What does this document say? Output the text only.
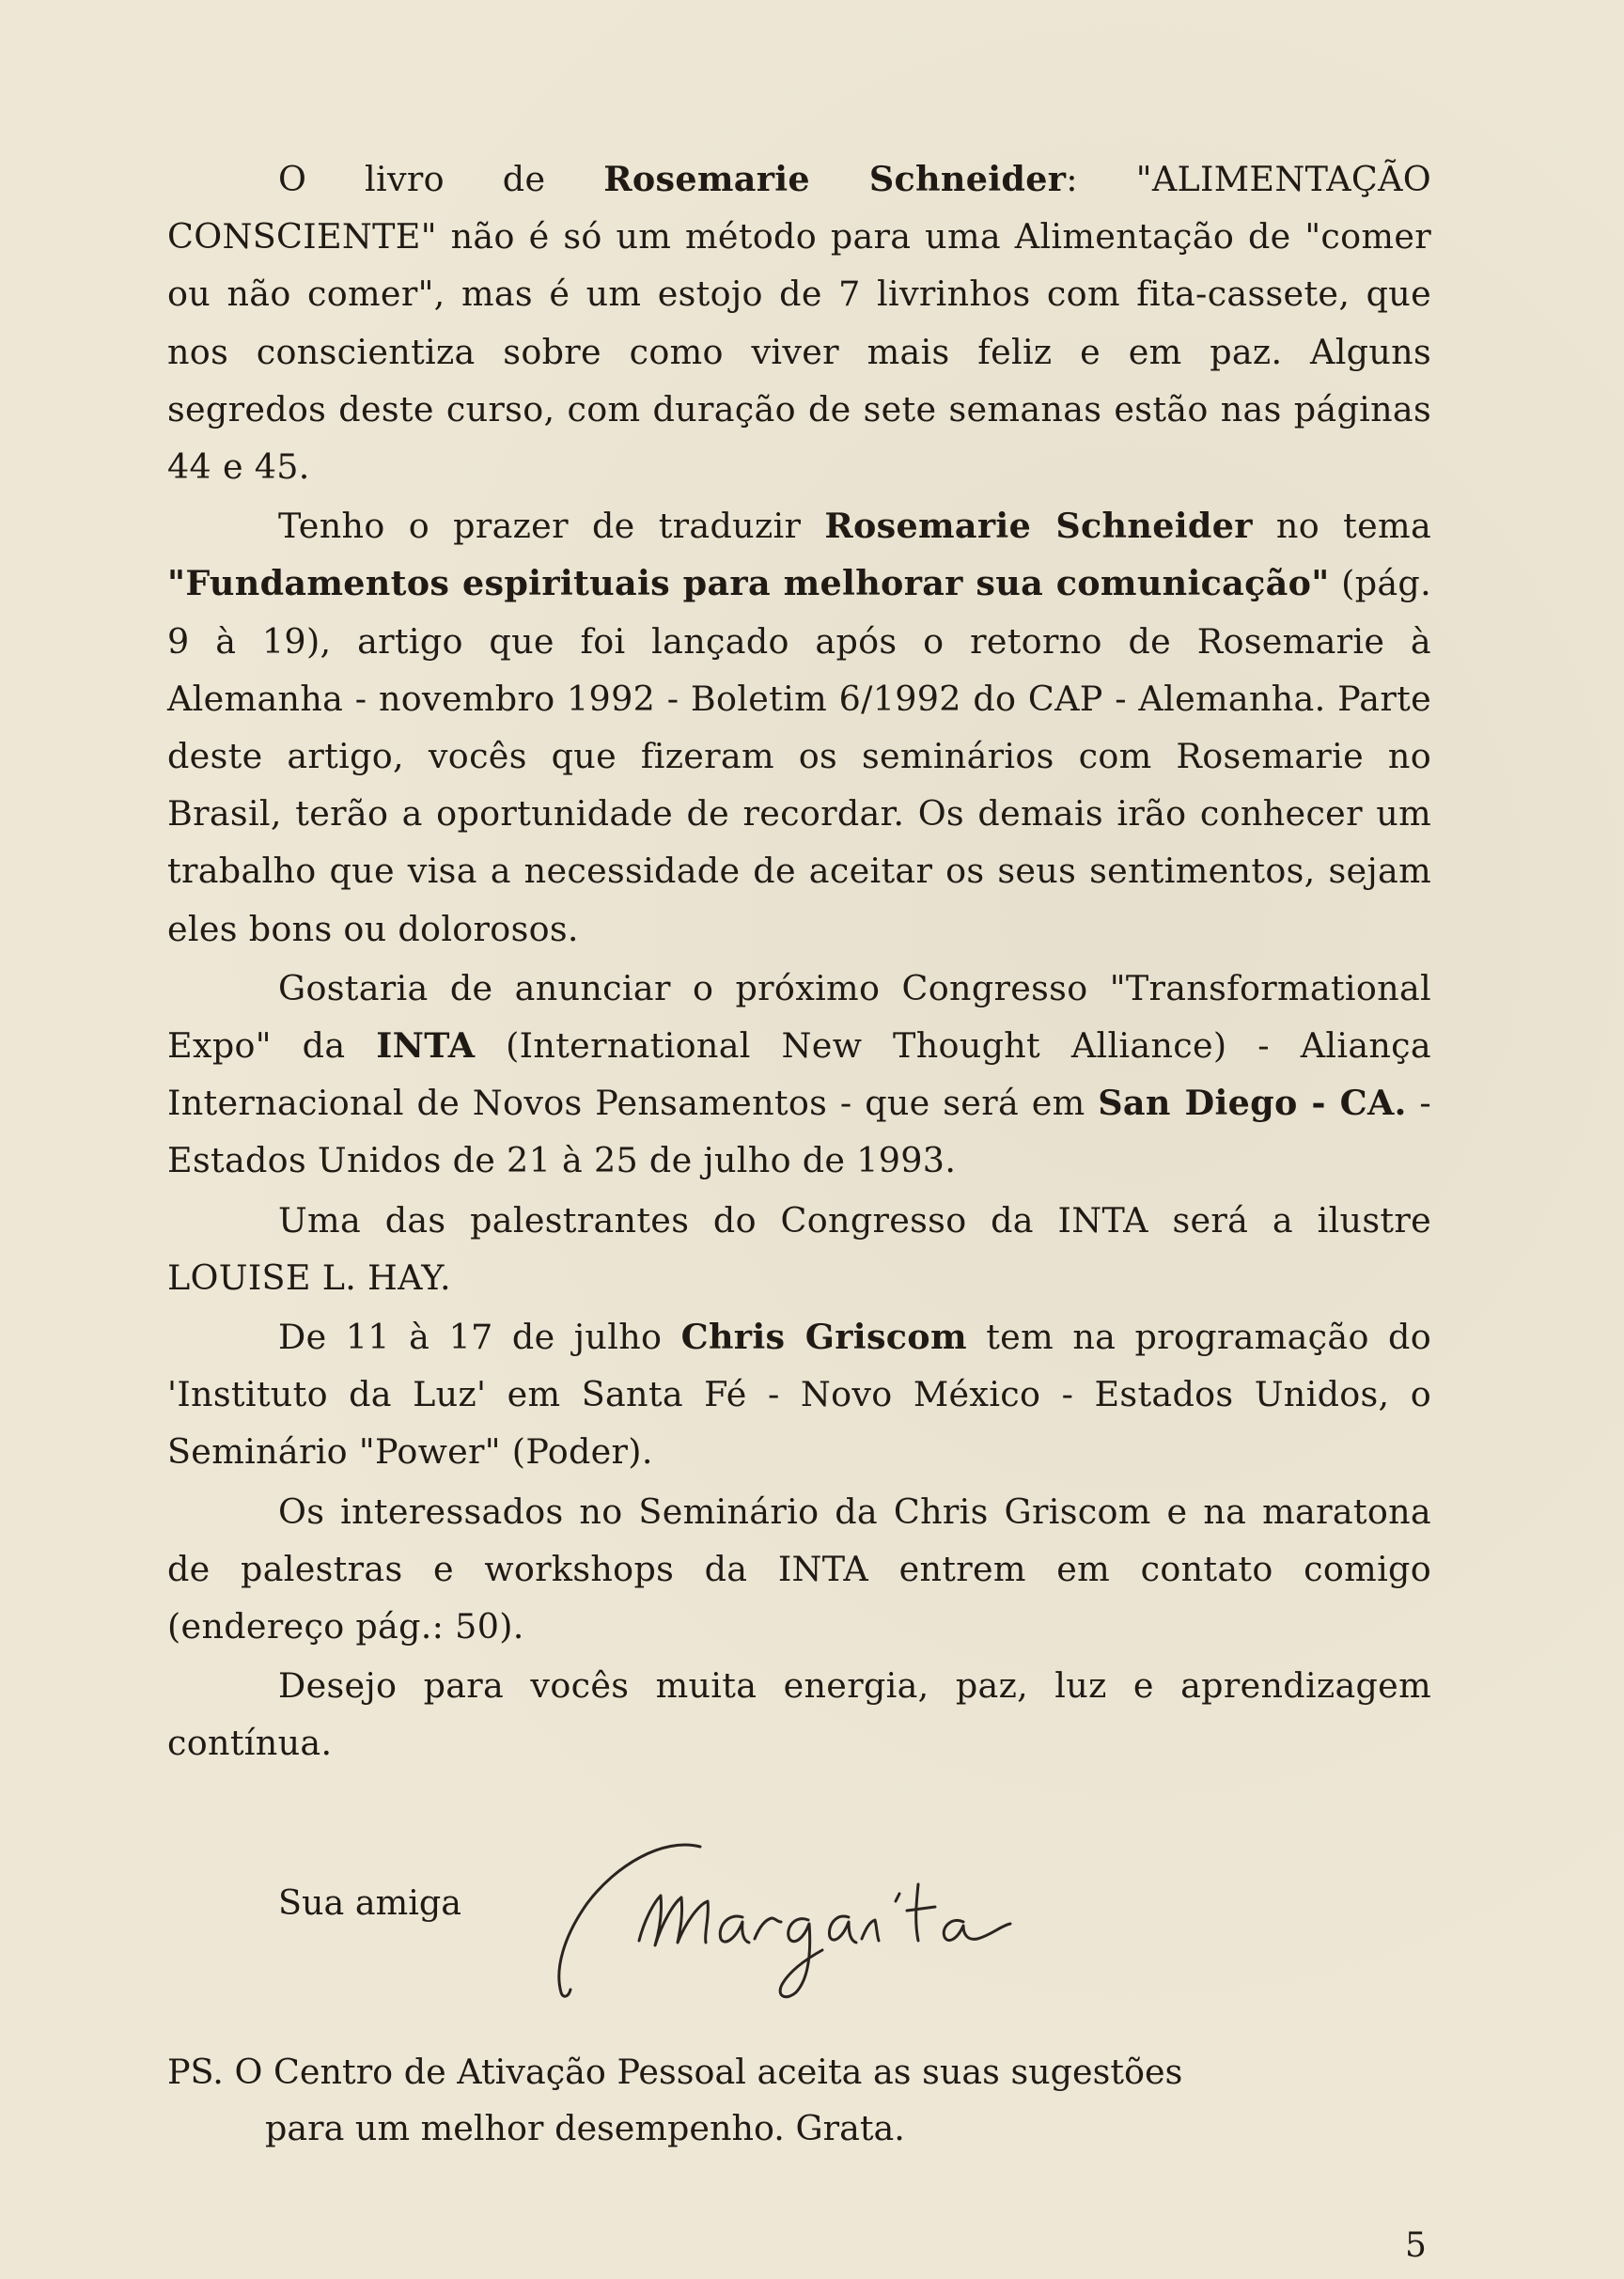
O livro de Rosemarie Schneider: "ALIMENTAÇÃO CONSCIENTE" não é só um método para uma Alimentação de "comer ou não comer", mas é um estojo de 7 livrinhos com fita-cassete, que nos conscientiza sobre como viver mais feliz e em paz. Alguns segredos deste curso, com duração de sete semanas estão nas páginas 44 e 45.

Tenho o prazer de traduzir Rosemarie Schneider no tema "Fundamentos espirituais para melhorar sua comunicação" (pág. 9 à 19), artigo que foi lançado após o retorno de Rosemarie à Alemanha - novembro 1992 - Boletim 6/1992 do CAP - Alemanha. Parte deste artigo, vocês que fizeram os seminários com Rosemarie no Brasil, terão a oportunidade de recordar. Os demais irão conhecer um trabalho que visa a necessidade de aceitar os seus sentimentos, sejam eles bons ou dolorosos.

Gostaria de anunciar o próximo Congresso "Transformational Expo" da INTA (International New Thought Alliance) - Aliança Internacional de Novos Pensamentos - que será em San Diego - CA. - Estados Unidos de 21 à 25 de julho de 1993.

Uma das palestrantes do Congresso da INTA será a ilustre LOUISE L. HAY.

De 11 à 17 de julho Chris Griscom tem na programação do 'Instituto da Luz' em Santa Fé - Novo México - Estados Unidos, o Seminário "Power" (Poder).

Os interessados no Seminário da Chris Griscom e na maratona de palestras e workshops da INTA entrem em contato comigo (endereço pág.: 50).

Desejo para vocês muita energia, paz, luz e aprendizagem contínua.

Sua amiga
PS. O Centro de Ativação Pessoal aceita as suas sugestões
para um melhor desempenho. Grata.
5
